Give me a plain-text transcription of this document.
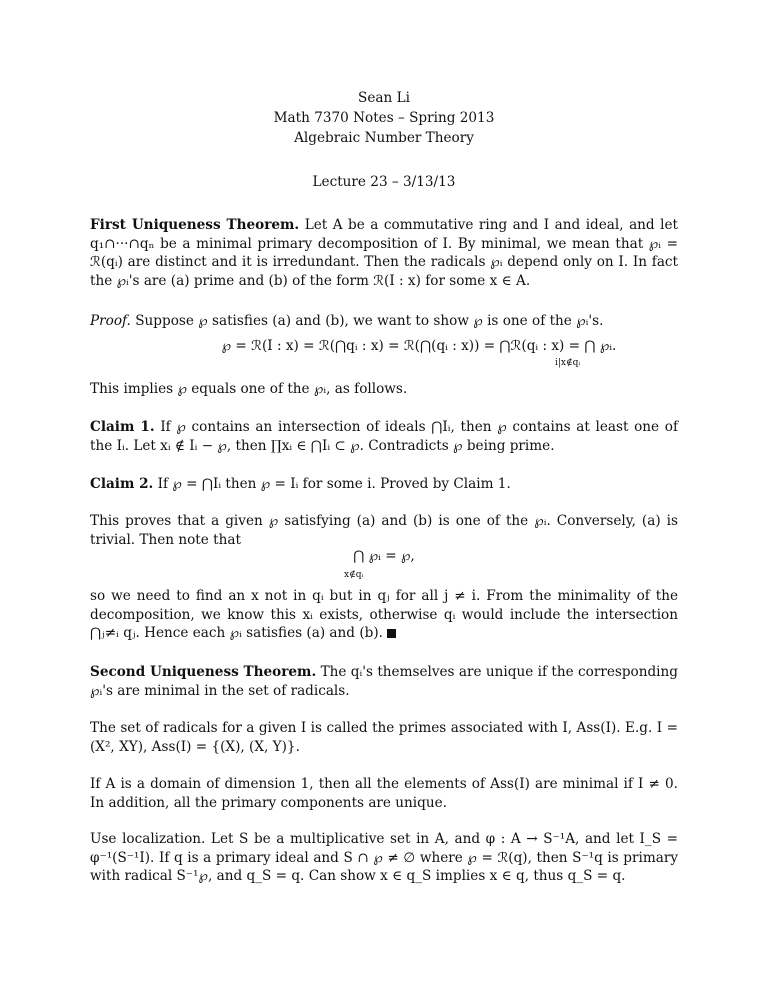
Sean Li
Math 7370 Notes – Spring 2013
Algebraic Number Theory
Lecture 23 – 3/13/13
First Uniqueness Theorem. Let A be a commutative ring and I and ideal, and let q₁∩···∩qₙ be a minimal primary decomposition of I. By minimal, we mean that ℘ᵢ = ℛ(qᵢ) are distinct and it is irredundant. Then the radicals ℘ᵢ depend only on I. In fact the ℘ᵢ's are (a) prime and (b) of the form ℛ(I : x) for some x ∈ A.
Proof. Suppose ℘ satisfies (a) and (b), we want to show ℘ is one of the ℘ᵢ's.
℘ = ℛ(I : x) = ℛ(⋂qᵢ : x) = ℛ(⋂(qᵢ : x)) = ⋂ℛ(qᵢ : x) = ⋂ ℘ᵢ.
i|x∉qᵢ
This implies ℘ equals one of the ℘ᵢ, as follows.
Claim 1. If ℘ contains an intersection of ideals ⋂Iᵢ, then ℘ contains at least one of the Iᵢ. Let xᵢ ∉ Iᵢ − ℘, then ∏xᵢ ∈ ⋂Iᵢ ⊂ ℘. Contradicts ℘ being prime.
Claim 2. If ℘ = ⋂Iᵢ then ℘ = Iᵢ for some i. Proved by Claim 1.
This proves that a given ℘ satisfying (a) and (b) is one of the ℘ᵢ. Conversely, (a) is trivial. Then note that
⋂ ℘ᵢ = ℘,
x∉qᵢ
so we need to find an x not in qᵢ but in qⱼ for all j ≠ i. From the minimality of the decomposition, we know this xᵢ exists, otherwise qᵢ would include the intersection ⋂ⱼ≠ᵢ qⱼ. Hence each ℘ᵢ satisfies (a) and (b).
Second Uniqueness Theorem. The qᵢ's themselves are unique if the corresponding ℘ᵢ's are minimal in the set of radicals.
The set of radicals for a given I is called the primes associated with I, Ass(I). E.g. I = (X², XY), Ass(I) = {(X), (X, Y)}.
If A is a domain of dimension 1, then all the elements of Ass(I) are minimal if I ≠ 0. In addition, all the primary components are unique.
Use localization. Let S be a multiplicative set in A, and φ : A → S⁻¹A, and let I_S = φ⁻¹(S⁻¹I). If q is a primary ideal and S ∩ ℘ ≠ ∅ where ℘ = ℛ(q), then S⁻¹q is primary with radical S⁻¹℘, and q_S = q. Can show x ∈ q_S implies x ∈ q, thus q_S = q.
